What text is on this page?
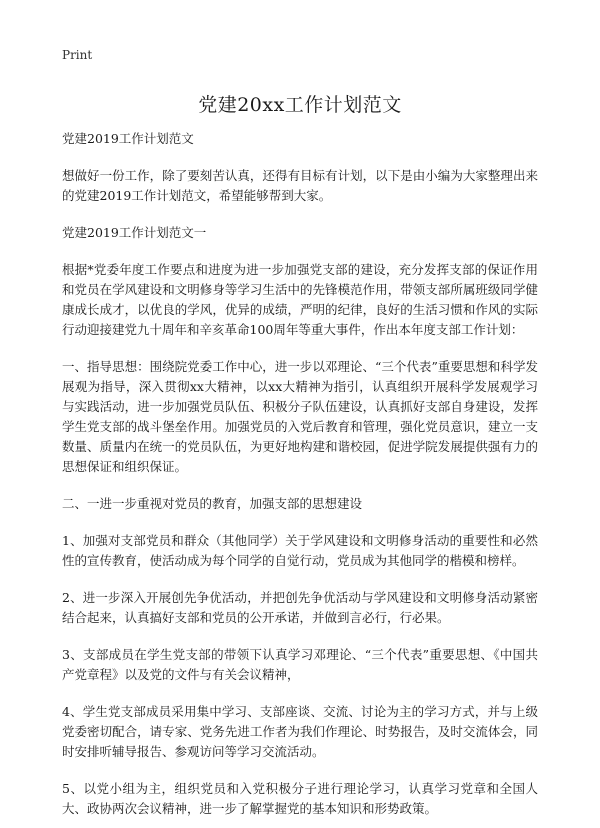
Print
党建20xx工作计划范文

党建2019工作计划范文

想做好一份工作，除了要刻苦认真，还得有目标有计划，以下是由小编为大家整理出来的党建2019工作计划范文，希望能够帮到大家。

党建2019工作计划范文一

根据*党委年度工作要点和进度为进一步加强党支部的建设，充分发挥支部的保证作用和党员在学风建设和文明修身等学习生活中的先锋模范作用，带领支部所属班级同学健康成长成才，以优良的学风，优异的成绩，严明的纪律，良好的生活习惯和作风的实际行动迎接建党九十周年和辛亥革命100周年等重大事件，作出本年度支部工作计划：

一、指导思想：围绕院党委工作中心，进一步以邓理论、“三个代表”重要思想和科学发展观为指导，深入贯彻xx大精神，以xx大精神为指引，认真组织开展科学发展观学习与实践活动，进一步加强党员队伍、积极分子队伍建设，认真抓好支部自身建设，发挥学生党支部的战斗堡垒作用。加强党员的入党后教育和管理，强化党员意识，建立一支数量、质量内在统一的党员队伍，为更好地构建和谐校园，促进学院发展提供强有力的思想保证和组织保证。

二、一进一步重视对党员的教育，加强支部的思想建设

1、加强对支部党员和群众（其他同学）关于学风建设和文明修身活动的重要性和必然性的宣传教育，使活动成为每个同学的自觉行动，党员成为其他同学的楷模和榜样。

2、进一步深入开展创先争优活动，并把创先争优活动与学风建设和文明修身活动紧密结合起来，认真搞好支部和党员的公开承诺，并做到言必行，行必果。

3、支部成员在学生党支部的带领下认真学习邓理论、“三个代表”重要思想、《中国共产党章程》以及党的文件与有关会议精神，

4、学生党支部成员采用集中学习、支部座谈、交流、讨论为主的学习方式，并与上级党委密切配合，请专家、党务先进工作者为我们作理论、时势报告，及时交流体会，同时安排听辅导报告、参观访问等学习交流活动。

5、以党小组为主，组织党员和入党积极分子进行理论学习，认真学习党章和全国人大、政协两次会议精神，进一步了解掌握党的基本知识和形势政策。
